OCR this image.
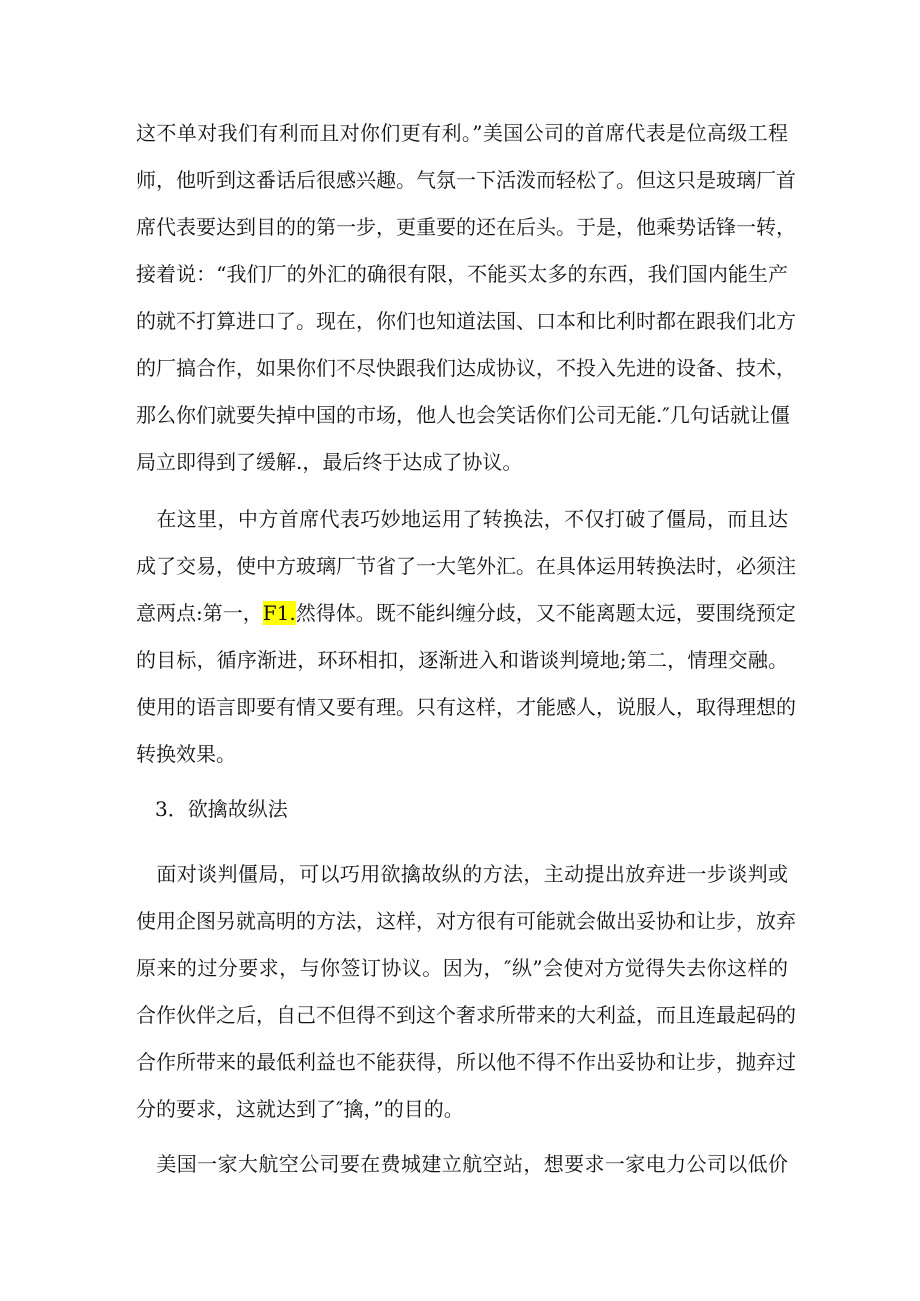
这不单对我们有利而且对你们更有利。”美国公司的首席代表是位高级工程
师，他听到这番话后很感兴趣。气氛一下活泼而轻松了。但这只是玻璃厂首
席代表要达到目的的第一步，更重要的还在后头。于是，他乘势话锋一转，
接着说：“我们厂的外汇的确很有限，不能买太多的东西，我们国内能生产
的就不打算进口了。现在，你们也知道法国、口本和比利时都在跟我们北方
的厂搞合作，如果你们不尽快跟我们达成协议，不投入先进的设备、技术，
那么你们就要失掉中国的市场，他人也会笑话你们公司无能.″几句话就让僵
局立即得到了缓解.，最后终于达成了协议。
　在这里，中方首席代表巧妙地运用了转换法，不仅打破了僵局，而且达
成了交易，使中方玻璃厂节省了一大笔外汇。在具体运用转换法时，必须注
意两点:第一，F1.然得体。既不能纠缠分歧，又不能离题太远，要围绕预定
的目标，循序渐进，环环相扣，逐渐进入和谐谈判境地;第二，情理交融。
使用的语言即要有情又要有理。只有这样，才能感人，说服人，取得理想的
转换效果。

3．欲擒故纵法

　面对谈判僵局，可以巧用欲擒故纵的方法，主动提出放弃进一步谈判或
使用企图另就高明的方法，这样，对方很有可能就会做出妥协和让步，放弃
原来的过分要求，与你签订协议。因为，″纵”会使对方觉得失去你这样的
合作伙伴之后，自己不但得不到这个奢求所带来的大利益，而且连最起码的
合作所带来的最低利益也不能获得，所以他不得不作出妥协和让步，抛弃过
分的要求，这就达到了″擒，”的目的。
　美国一家大航空公司要在费城建立航空站，想要求一家电力公司以低价
